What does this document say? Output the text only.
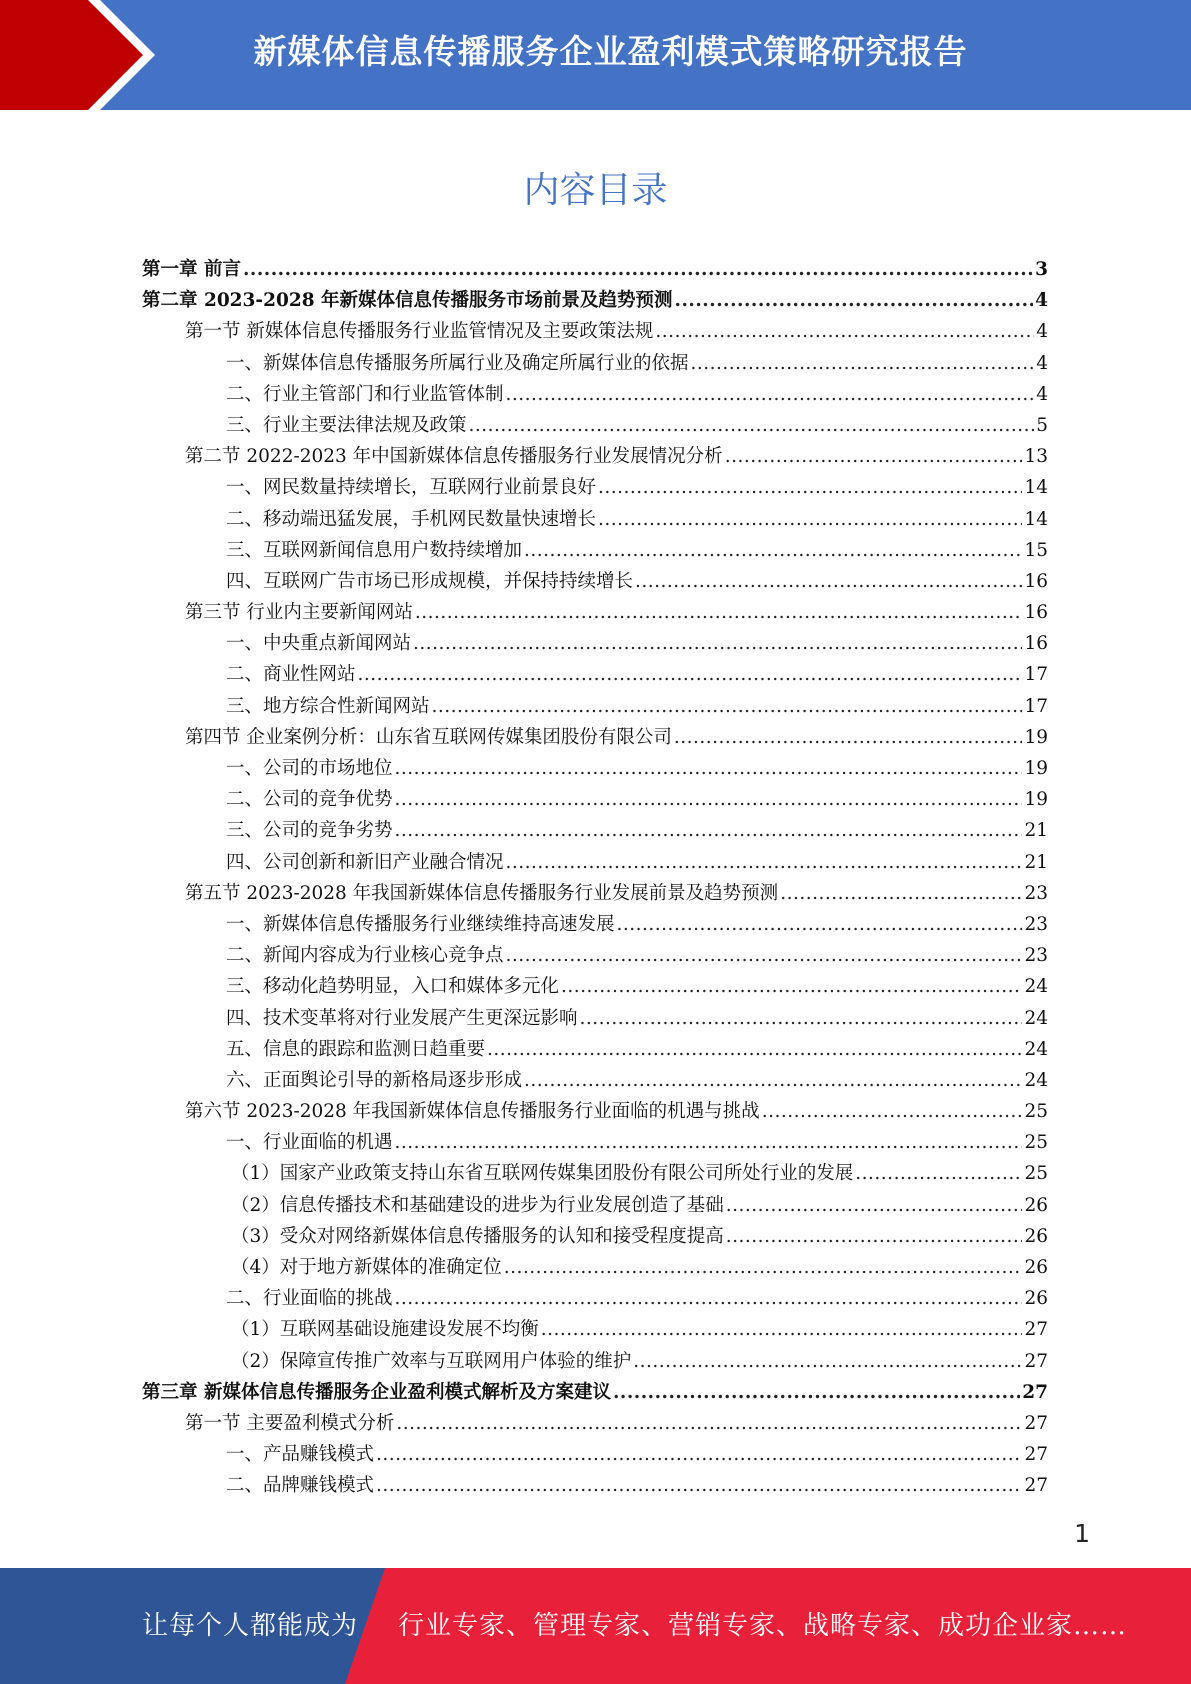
新媒体信息传播服务企业盈利模式策略研究报告
内容目录
第一章 前言 .....	3
第二章 2023-2028 年新媒体信息传播服务市场前景及趋势预测 .....	4
第一节 新媒体信息传播服务行业监管情况及主要政策法规 .....	4
一、新媒体信息传播服务所属行业及确定所属行业的依据 .....	4
二、行业主管部门和行业监管体制 .....	4
三、行业主要法律法规及政策 .....	5
第二节 2022-2023 年中国新媒体信息传播服务行业发展情况分析 .....	13
一、网民数量持续增长，互联网行业前景良好 .....	14
二、移动端迅猛发展，手机网民数量快速增长 .....	14
三、互联网新闻信息用户数持续增加 .....	15
四、互联网广告市场已形成规模，并保持持续增长 .....	16
第三节 行业内主要新闻网站 .....	16
一、中央重点新闻网站 .....	16
二、商业性网站 .....	17
三、地方综合性新闻网站 .....	17
第四节 企业案例分析：山东省互联网传媒集团股份有限公司 .....	19
一、公司的市场地位 .....	19
二、公司的竞争优势 .....	19
三、公司的竞争劣势 .....	21
四、公司创新和新旧产业融合情况 .....	21
第五节 2023-2028 年我国新媒体信息传播服务行业发展前景及趋势预测 .....	23
一、新媒体信息传播服务行业继续维持高速发展 .....	23
二、新闻内容成为行业核心竞争点 .....	23
三、移动化趋势明显，入口和媒体多元化 .....	24
四、技术变革将对行业发展产生更深远影响 .....	24
五、信息的跟踪和监测日趋重要 .....	24
六、正面舆论引导的新格局逐步形成 .....	24
第六节 2023-2028 年我国新媒体信息传播服务行业面临的机遇与挑战 .....	25
一、行业面临的机遇 .....	25
（1）国家产业政策支持山东省互联网传媒集团股份有限公司所处行业的发展 .....	25
（2）信息传播技术和基础建设的进步为行业发展创造了基础 .....	26
（3）受众对网络新媒体信息传播服务的认知和接受程度提高 .....	26
（4）对于地方新媒体的准确定位 .....	26
二、行业面临的挑战 .....	26
（1）互联网基础设施建设发展不均衡 .....	27
（2）保障宣传推广效率与互联网用户体验的维护 .....	27
第三章 新媒体信息传播服务企业盈利模式解析及方案建议 .....	27
第一节 主要盈利模式分析 .....	27
一、产品赚钱模式 .....	27
二、品牌赚钱模式 .....	27
1
让每个人都能成为 行业专家、管理专家、营销专家、战略专家、成功企业家……
